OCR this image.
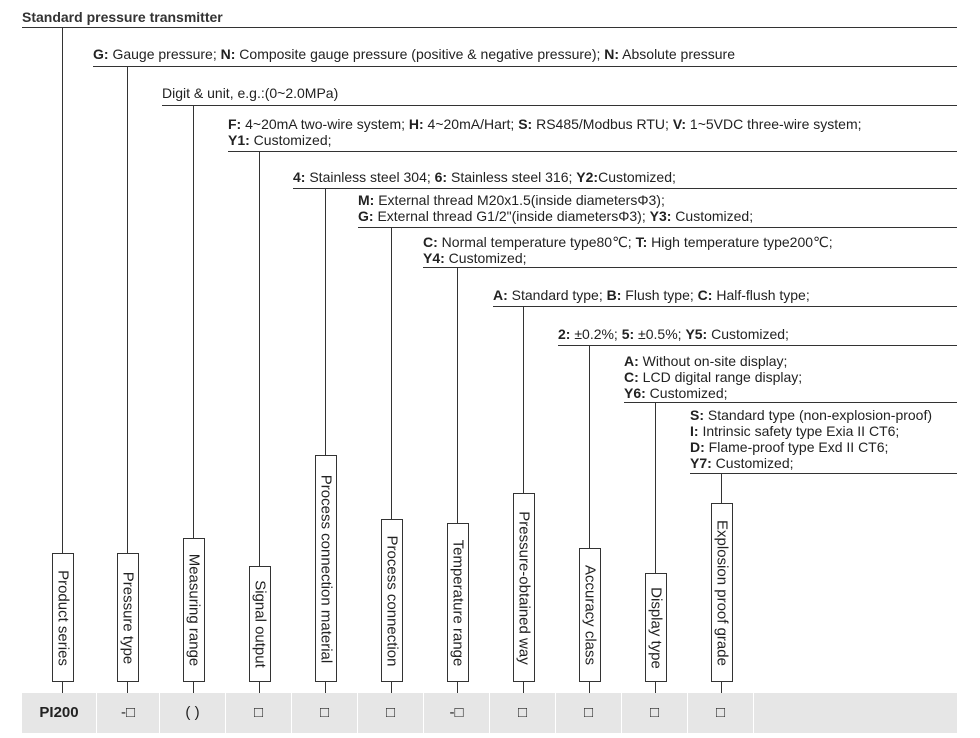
Standard pressure transmitter
G: Gauge pressure; N: Composite gauge pressure (positive & negative pressure); N: Absolute pressure
Digit & unit, e.g.:(0~2.0MPa)
F: 4~20mA two-wire system; H: 4~20mA/Hart; S: RS485/Modbus RTU; V: 1~5VDC three-wire system;
Y1: Customized;
4: Stainless steel 304; 6: Stainless steel 316; Y2:Customized;
M: External thread M20x1.5(inside diametersΦ3);
G: External thread G1/2"(inside diametersΦ3); Y3: Customized;
C: Normal temperature type80℃; T: High temperature type200℃;
Y4: Customized;
A: Standard type; B: Flush type; C: Half-flush type;
2: ±0.2%; 5: ±0.5%; Y5: Customized;
A: Without on-site display;
C: LCD digital range display;
Y6: Customized;
S: Standard type (non-explosion-proof)
I: Intrinsic safety type Exia II CT6;
D: Flame-proof type Exd II CT6;
Y7: Customized;
Product series	Pressure type	Measuring range	Signal output	Process connection material	Process connection	Temperature range	Pressure-obtained way	Accuracy class	Display type	Explosion proof grade
PI200	-□	( )	□	□	□	-□	□	□	□	□
